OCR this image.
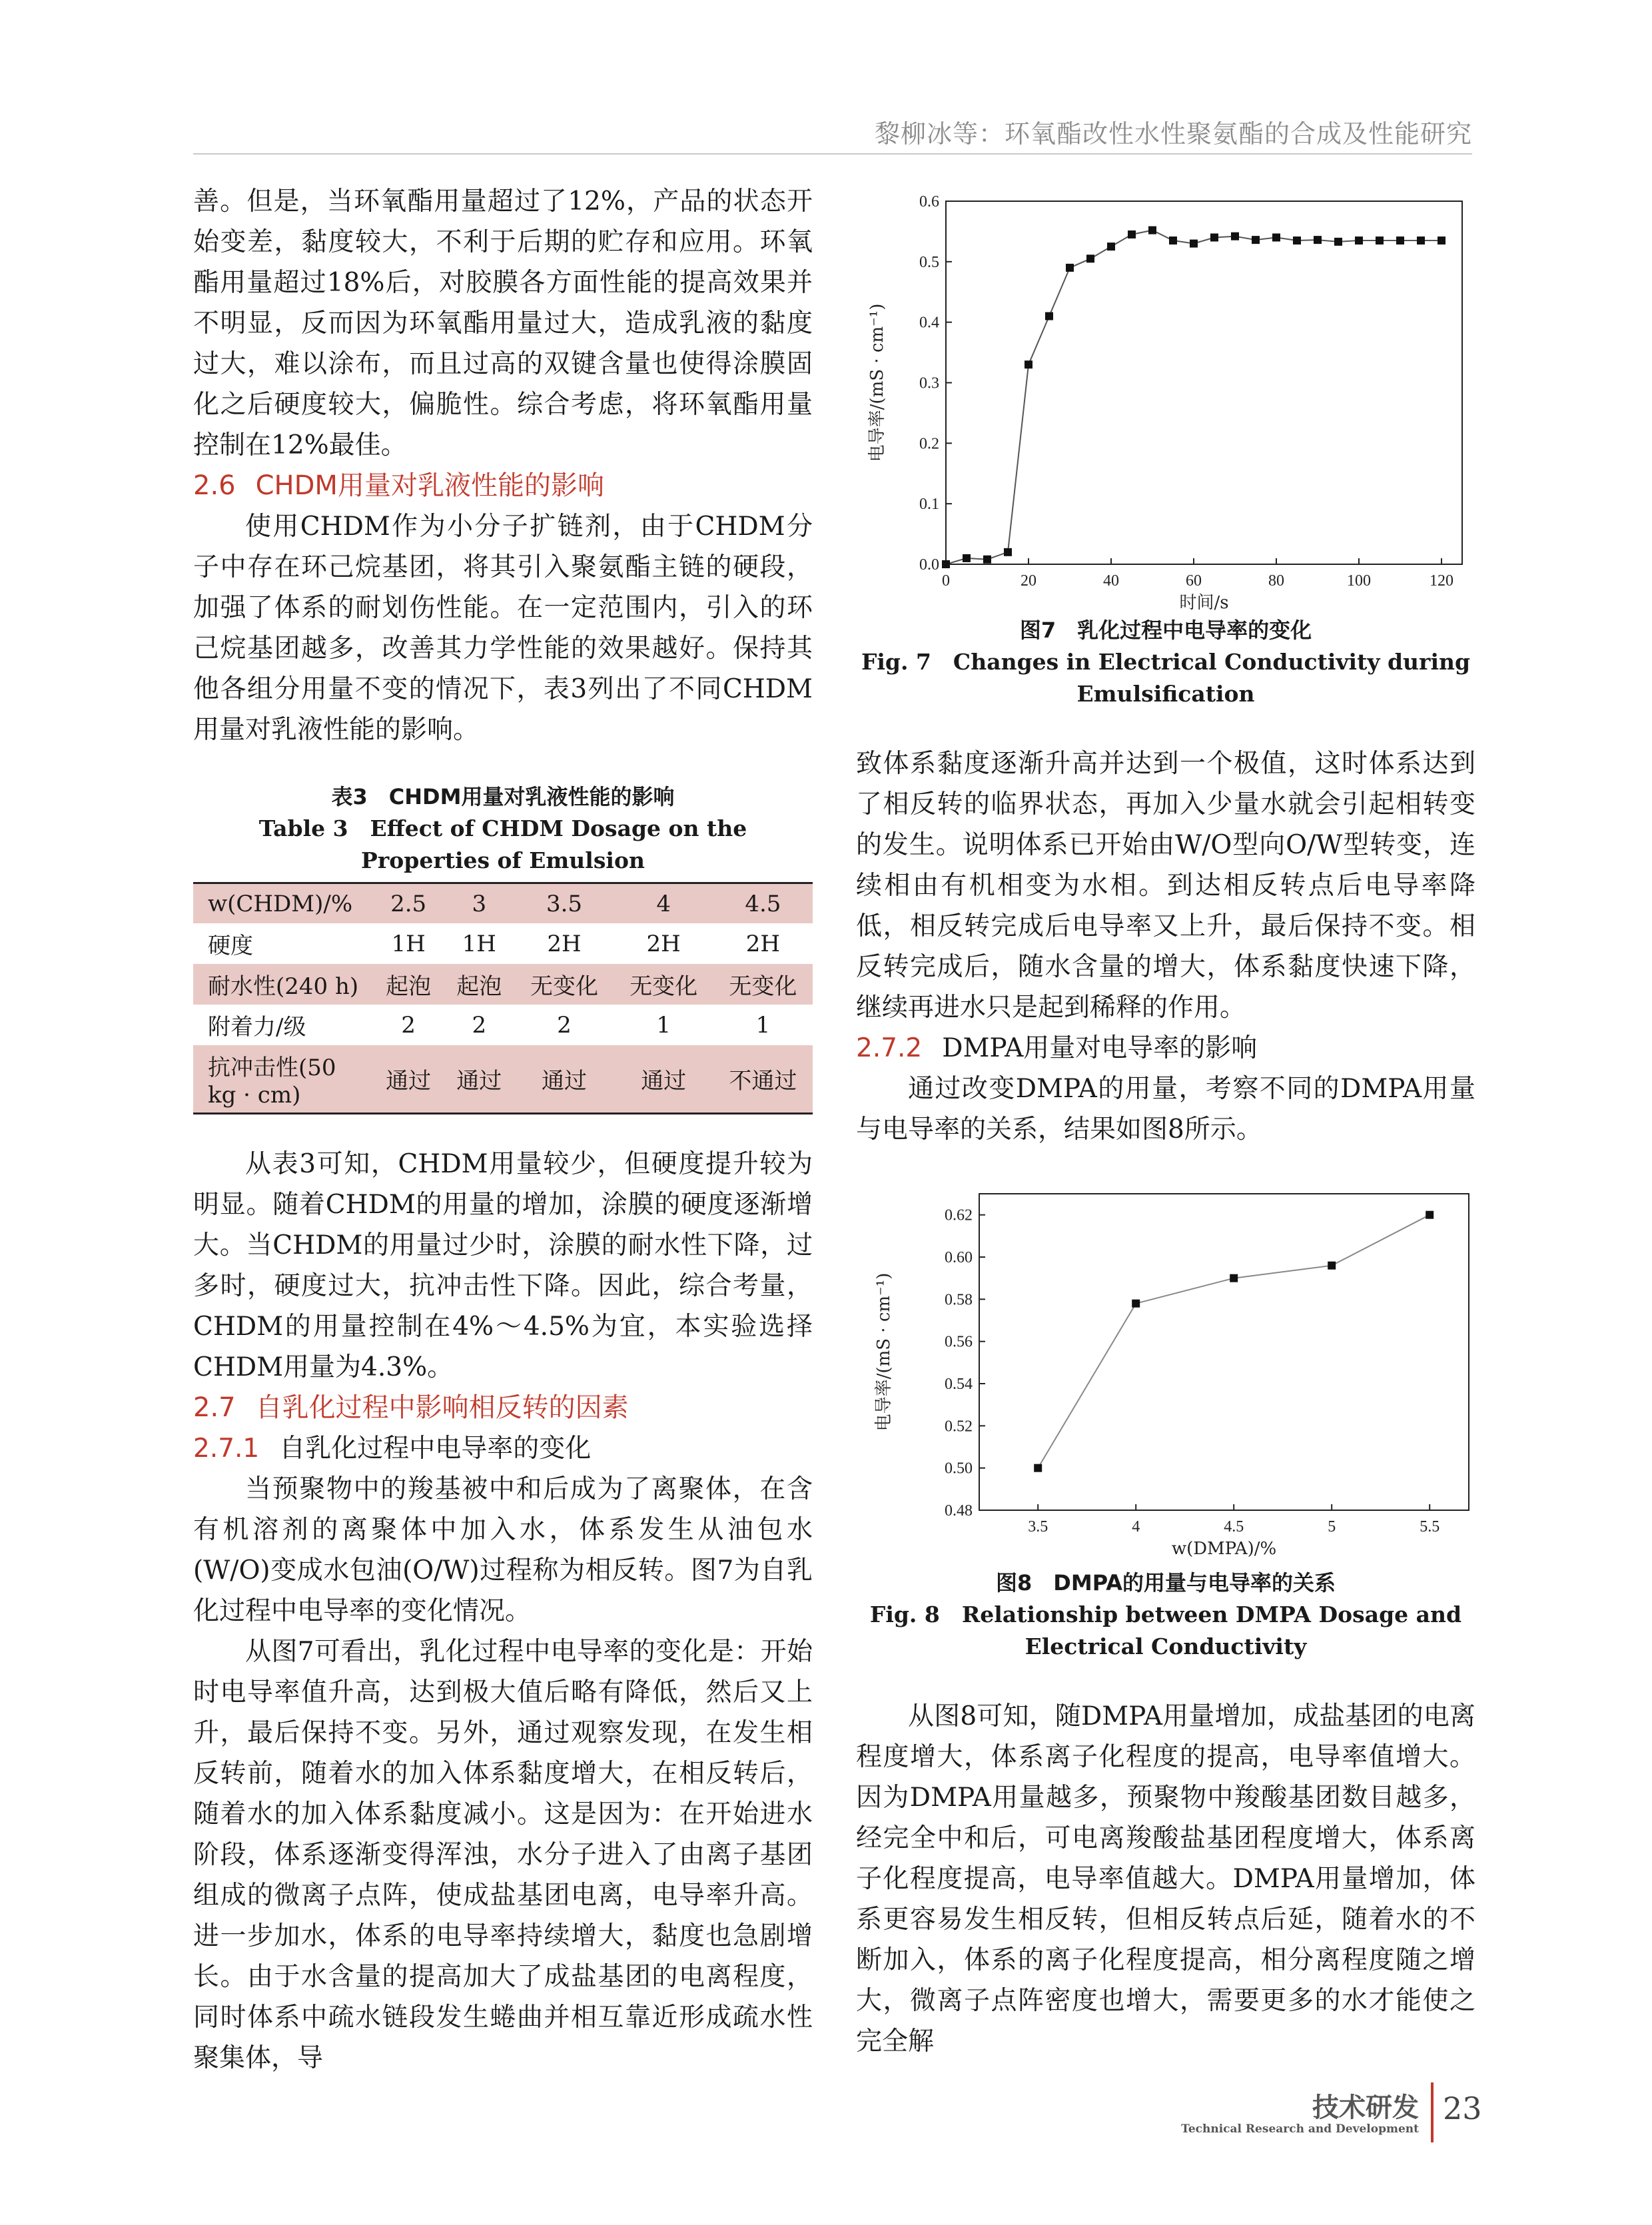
黎柳冰等：环氧酯改性水性聚氨酯的合成及性能研究

善。但是，当环氧酯用量超过了12%，产品的状态开始变差，黏度较大，不利于后期的贮存和应用。环氧酯用量超过18%后，对胶膜各方面性能的提高效果并不明显，反而因为环氧酯用量过大，造成乳液的黏度过大，难以涂布，而且过高的双键含量也使得涂膜固化之后硬度较大，偏脆性。综合考虑，将环氧酯用量控制在12%最佳。

2.6 CHDM用量对乳液性能的影响

使用CHDM作为小分子扩链剂，由于CHDM分子中存在环己烷基团，将其引入聚氨酯主链的硬段，加强了体系的耐划伤性能。在一定范围内，引入的环己烷基团越多，改善其力学性能的效果越好。保持其他各组分用量不变的情况下，表3列出了不同CHDM用量对乳液性能的影响。

表3　CHDM用量对乳液性能的影响

Table 3　Effect of CHDM Dosage on the Properties of Emulsion

w(CHDM)/%	2.5	3	3.5	4	4.5
硬度	1H	1H	2H	2H	2H
耐水性(240 h)	起泡	起泡	无变化	无变化	无变化
附着力/级	2	2	2	1	1
抗冲击性(50 kg · cm)	通过	通过	通过	通过	不通过

从表3可知，CHDM用量较少，但硬度提升较为明显。随着CHDM的用量的增加，涂膜的硬度逐渐增大。当CHDM的用量过少时，涂膜的耐水性下降，过多时，硬度过大，抗冲击性下降。因此，综合考量，CHDM的用量控制在4%～4.5%为宜，本实验选择CHDM用量为4.3%。

2.7 自乳化过程中影响相反转的因素

2.7.1 自乳化过程中电导率的变化

当预聚物中的羧基被中和后成为了离聚体，在含有机溶剂的离聚体中加入水，体系发生从油包水(W/O)变成水包油(O/W)过程称为相反转。图7为自乳化过程中电导率的变化情况。

从图7可看出，乳化过程中电导率的变化是：开始时电导率值升高，达到极大值后略有降低，然后又上升，最后保持不变。另外，通过观察发现，在发生相反转前，随着水的加入体系黏度增大，在相反转后，随着水的加入体系黏度减小。这是因为：在开始进水阶段，体系逐渐变得浑浊，水分子进入了由离子基团组成的微离子点阵，使成盐基团电离，电导率升高。进一步加水，体系的电导率持续增大，黏度也急剧增长。由于水含量的提高加大了成盐基团的电离程度，同时体系中疏水链段发生蜷曲并相互靠近形成疏水性聚集体，导

0	20	40	60	80	100	120
0.0
0.1
0.2
0.3
0.4
0.5
0.6
时间/s
电导率/(mS · cm⁻¹)

图7　乳化过程中电导率的变化

Fig. 7　Changes in Electrical Conductivity during Emulsification

致体系黏度逐渐升高并达到一个极值，这时体系达到了相反转的临界状态，再加入少量水就会引起相转变的发生。说明体系已开始由W/O型向O/W型转变，连续相由有机相变为水相。到达相反转点后电导率降低，相反转完成后电导率又上升，最后保持不变。相反转完成后，随水含量的增大，体系黏度快速下降，继续再进水只是起到稀释的作用。

2.7.2 DMPA用量对电导率的影响

通过改变DMPA的用量，考察不同的DMPA用量与电导率的关系，结果如图8所示。

3.5	4	4.5	5	5.5
0.48
0.50
0.52
0.54
0.56
0.58
0.60
0.62
w(DMPA)/%
电导率/(mS · cm⁻¹)

图8　DMPA的用量与电导率的关系

Fig. 8　Relationship between DMPA Dosage and Electrical Conductivity

从图8可知，随DMPA用量增加，成盐基团的电离程度增大，体系离子化程度的提高，电导率值增大。因为DMPA用量越多，预聚物中羧酸基团数目越多，经完全中和后，可电离羧酸盐基团程度增大，体系离子化程度提高，电导率值越大。DMPA用量增加，体系更容易发生相反转，但相反转点后延，随着水的不断加入，体系的离子化程度提高，相分离程度随之增大，微离子点阵密度也增大，需要更多的水才能使之完全解

技术研发
Technical Research and Development
23
